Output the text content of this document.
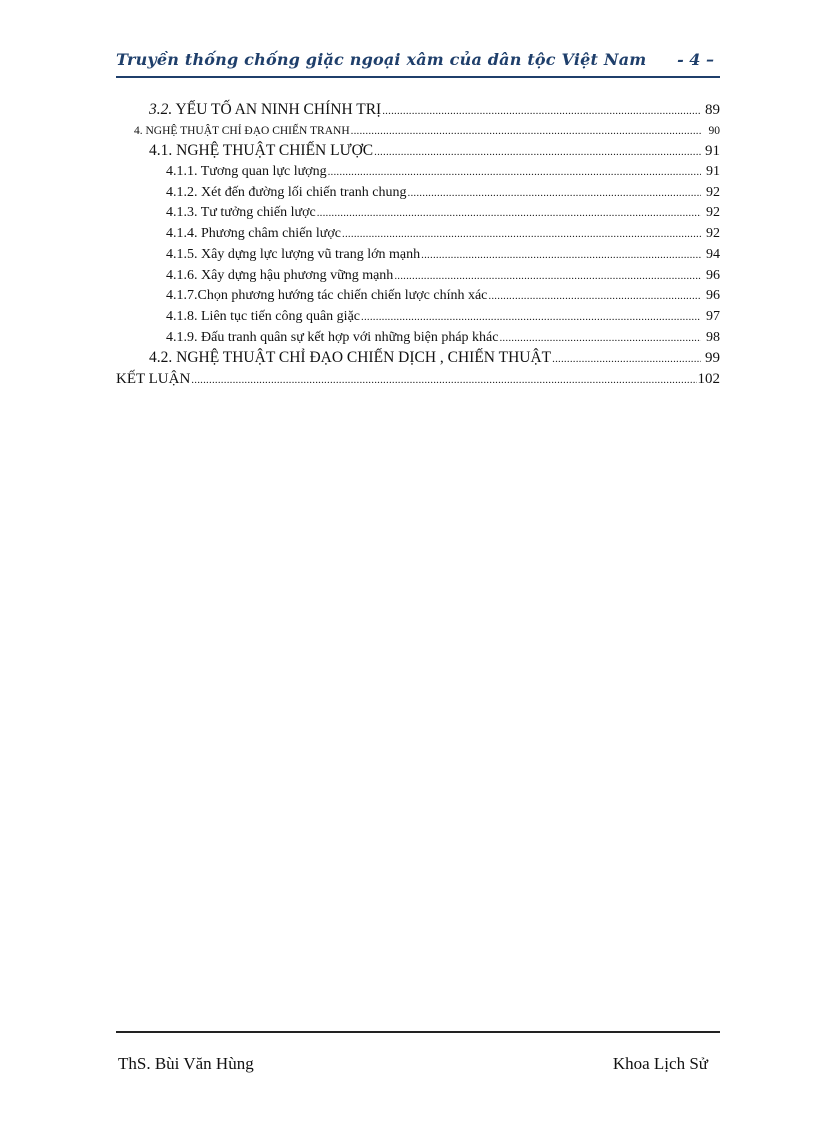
Truyền thống chống giặc ngoại xâm của dân tộc Việt Nam - 4 –
3.2. YẾU TỐ AN NINH CHÍNH TRỊ .....	89
4. NGHỆ THUẬT CHỈ ĐẠO CHIẾN TRANH .....	90
4.1. NGHỆ THUẬT CHIẾN LƯỢC .....	91
4.1.1. Tương quan lực lượng .....	91
4.1.2. Xét đến đường lối chiến tranh chung .....	92
4.1.3. Tư tưởng chiến lược .....	92
4.1.4. Phương châm chiến lược .....	92
4.1.5. Xây dựng lực lượng vũ trang lớn mạnh .....	94
4.1.6. Xây dựng hậu phương vững mạnh .....	96
4.1.7.Chọn phương hướng tác chiến chiến lược chính xác .....	96
4.1.8. Liên tục tiến công quân giặc .....	97
4.1.9. Đấu tranh quân sự kết hợp với những biện pháp khác .....	98
4.2. NGHỆ THUẬT CHỈ ĐẠO CHIẾN DỊCH , CHIẾN THUẬT .....	99
KẾT LUẬN .....	102
ThS. Bùi Văn Hùng	Khoa Lịch Sử
